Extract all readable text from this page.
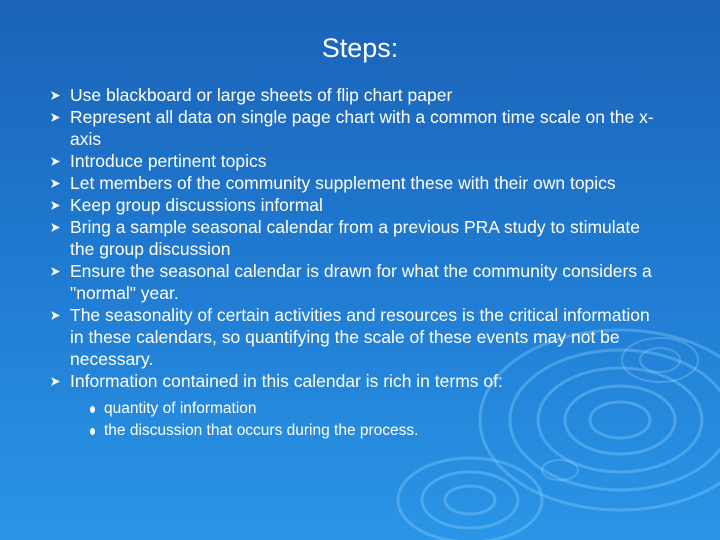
Steps:
Use blackboard or large sheets of flip chart paper
Represent all data on single page chart with a common time scale on the x-axis
Introduce pertinent topics
Let members of the community supplement these with their own topics
Keep group discussions informal
Bring a sample seasonal calendar from a previous PRA study to stimulate the group discussion
Ensure the seasonal calendar is drawn for what the community considers a "normal" year.
The seasonality of certain activities and resources is the critical information in these calendars, so quantifying the scale of these events may not be necessary.
Information contained in this calendar is rich in terms of:
quantity of information
the discussion that occurs during the process.
